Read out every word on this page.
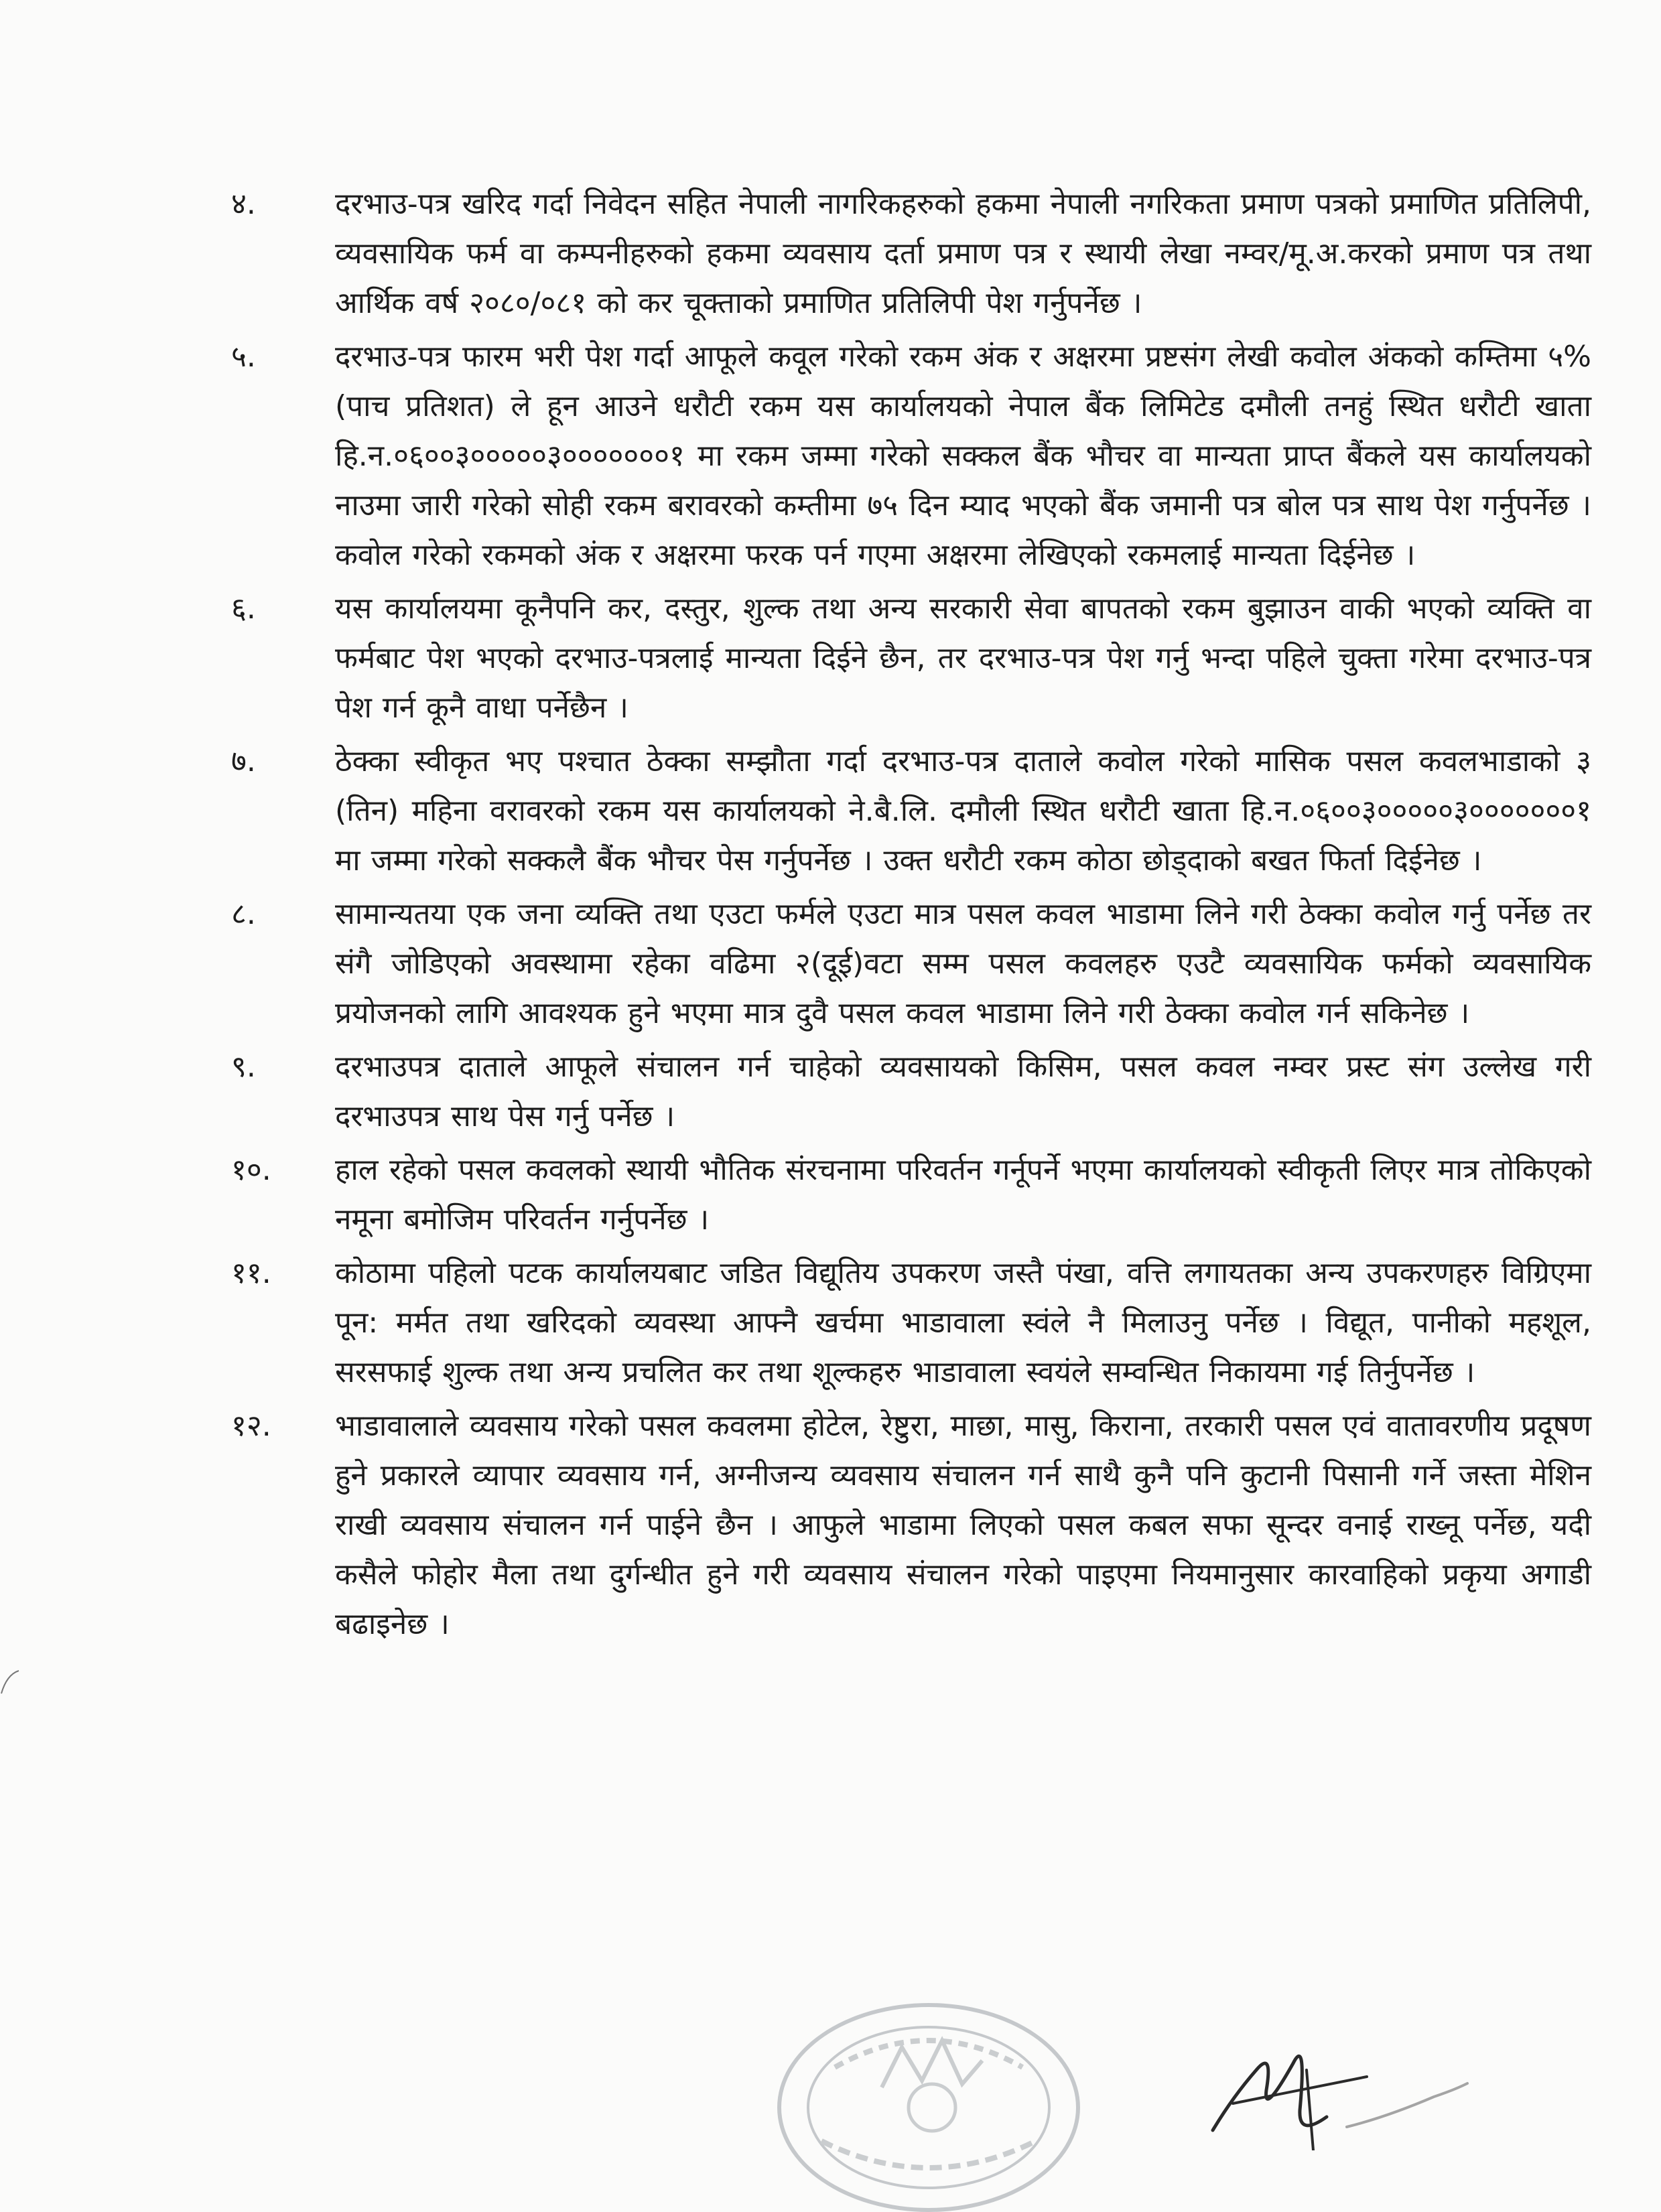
४.	दरभाउ-पत्र खरिद गर्दा निवेदन सहित नेपाली नागरिकहरुको हकमा नेपाली नगरिकता प्रमाण पत्रको प्रमाणित प्रतिलिपी, व्यवसायिक फर्म वा कम्पनीहरुको हकमा व्यवसाय दर्ता प्रमाण पत्र र स्थायी लेखा नम्वर/मू.अ.करको प्रमाण पत्र तथा आर्थिक वर्ष २०८०/०८१ को कर चूक्ताको प्रमाणित प्रतिलिपी पेश गर्नुपर्नेछ ।
५.	दरभाउ-पत्र फारम भरी पेश गर्दा आफूले कवूल गरेको रकम अंक र अक्षरमा प्रष्टसंग लेखी कवोल अंकको कम्तिमा ५% (पाच प्रतिशत) ले हून आउने धरौटी रकम यस कार्यालयको नेपाल बैंक लिमिटेड दमौली तनहुं स्थित धरौटी खाता हि.न.०६००३०००००३०००००००१ मा रकम जम्मा गरेको सक्कल बैंक भौचर वा मान्यता प्राप्त बैंकले यस कार्यालयको नाउमा जारी गरेको सोही रकम बरावरको कम्तीमा ७५ दिन म्याद भएको बैंक जमानी पत्र बोल पत्र साथ पेश गर्नुपर्नेछ । कवोल गरेको रकमको अंक र अक्षरमा फरक पर्न गएमा अक्षरमा लेखिएको रकमलाई मान्यता दिईनेछ ।
६.	यस कार्यालयमा कूनैपनि कर, दस्तुर, शुल्क तथा अन्य सरकारी सेवा बापतको रकम बुझाउन वाकी भएको व्यक्ति वा फर्मबाट पेश भएको दरभाउ-पत्रलाई मान्यता दिईने छैन, तर दरभाउ-पत्र पेश गर्नु भन्दा पहिले चुक्ता गरेमा दरभाउ-पत्र पेश गर्न कूनै वाधा पर्नेछैन ।
७.	ठेक्का स्वीकृत भए पश्चात ठेक्का सम्झौता गर्दा दरभाउ-पत्र दाताले कवोल गरेको मासिक पसल कवलभाडाको ३ (तिन) महिना वरावरको रकम यस कार्यालयको ने.बै.लि. दमौली स्थित धरौटी खाता हि.न.०६००३०००००३०००००००१ मा जम्मा गरेको सक्कलै बैंक भौचर पेस गर्नुपर्नेछ । उक्त धरौटी रकम कोठा छोड्दाको बखत फिर्ता दिईनेछ ।
८.	सामान्यतया एक जना व्यक्ति तथा एउटा फर्मले एउटा मात्र पसल कवल भाडामा लिने गरी ठेक्का कवोल गर्नु पर्नेछ तर संगै जोडिएको अवस्थामा रहेका वढिमा २(दूई)वटा सम्म पसल कवलहरु एउटै व्यवसायिक फर्मको व्यवसायिक प्रयोजनको लागि आवश्यक हुने भएमा मात्र दुवै पसल कवल भाडामा लिने गरी ठेक्का कवोल गर्न सकिनेछ ।
९.	दरभाउपत्र दाताले आफूले संचालन गर्न चाहेको व्यवसायको किसिम, पसल कवल नम्वर प्रस्ट संग उल्लेख गरी दरभाउपत्र साथ पेस गर्नु पर्नेछ ।
१०.	हाल रहेको पसल कवलको स्थायी भौतिक संरचनामा परिवर्तन गर्नूपर्ने भएमा कार्यालयको स्वीकृती लिएर मात्र तोकिएको नमूना बमोजिम परिवर्तन गर्नुपर्नेछ ।
११.	कोठामा पहिलो पटक कार्यालयबाट जडित विद्यूतिय उपकरण जस्तै पंखा, वत्ति लगायतका अन्य उपकरणहरु विग्रिएमा पून: मर्मत तथा खरिदको व्यवस्था आफ्नै खर्चमा भाडावाला स्वंले नै मिलाउनु पर्नेछ । विद्यूत, पानीको महशूल, सरसफाई शुल्क तथा अन्य प्रचलित कर तथा शूल्कहरु भाडावाला स्वयंले सम्वन्धित निकायमा गई तिर्नुपर्नेछ ।
१२.	भाडावालाले व्यवसाय गरेको पसल कवलमा होटेल, रेष्टुरा, माछा, मासु, किराना, तरकारी पसल एवं वातावरणीय प्रदूषण हुने प्रकारले व्यापार व्यवसाय गर्न, अग्नीजन्य व्यवसाय संचालन गर्न साथै कुनै पनि कुटानी पिसानी गर्ने जस्ता मेशिन राखी व्यवसाय संचालन गर्न पाईने छैन । आफुले भाडामा लिएको पसल कबल सफा सून्दर वनाई राख्नू पर्नेछ, यदी कसैले फोहोर मैला तथा दुर्गन्धीत हुने गरी व्यवसाय संचालन गरेको पाइएमा नियमानुसार कारवाहिको प्रकृया अगाडी बढाइनेछ ।
